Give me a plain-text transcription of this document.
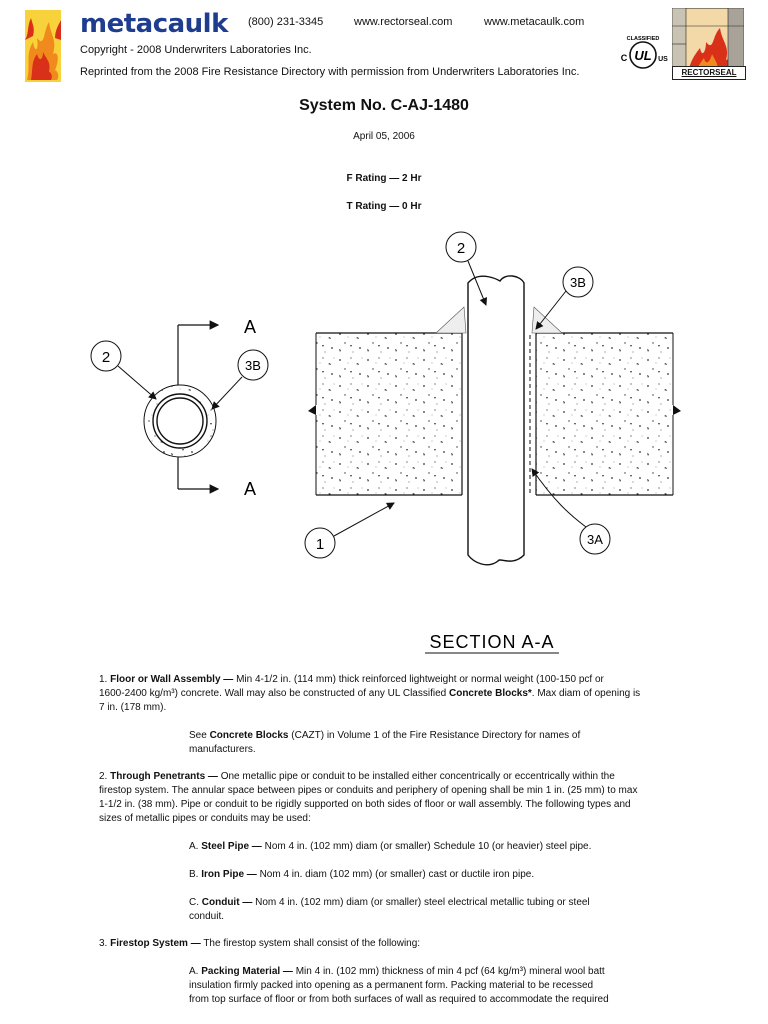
metacaulk (800) 231-3345	www.rectorseal.com	www.metacaulk.com
Copyright - 2008 Underwriters Laboratories Inc.
Reprinted from the 2008 Fire Resistance Directory with permission from Underwriters Laboratories Inc.
UL
C	US
CLASSIFIED
RECTORSEAL
System No. C-AJ-1480
April 05, 2006
F Rating — 2 Hr
T Rating — 0 Hr
A
A
2	3B
2
3B
1	3A
SECTION A-A
1. Floor or Wall Assembly — Min 4-1/2 in. (114 mm) thick reinforced lightweight or normal weight (100-150 pcf or
1600-2400 kg/m³) concrete. Wall may also be constructed of any UL Classified Concrete Blocks*. Max diam of opening is
7 in. (178 mm).
See Concrete Blocks (CAZT) in Volume 1 of the Fire Resistance Directory for names of
manufacturers.
2. Through Penetrants — One metallic pipe or conduit to be installed either concentrically or eccentrically within the
firestop system. The annular space between pipes or conduits and periphery of opening shall be min 1 in. (25 mm) to max
1-1/2 in. (38 mm). Pipe or conduit to be rigidly supported on both sides of floor or wall assembly. The following types and
sizes of metallic pipes or conduits may be used:
A. Steel Pipe — Nom 4 in. (102 mm) diam (or smaller) Schedule 10 (or heavier) steel pipe.
B. Iron Pipe — Nom 4 in. diam (102 mm) (or smaller) cast or ductile iron pipe.
C. Conduit — Nom 4 in. (102 mm) diam (or smaller) steel electrical metallic tubing or steel
conduit.
3. Firestop System — The firestop system shall consist of the following:
A. Packing Material — Min 4 in. (102 mm) thickness of min 4 pcf (64 kg/m³) mineral wool batt
insulation firmly packed into opening as a permanent form. Packing material to be recessed
from top surface of floor or from both surfaces of wall as required to accommodate the required
